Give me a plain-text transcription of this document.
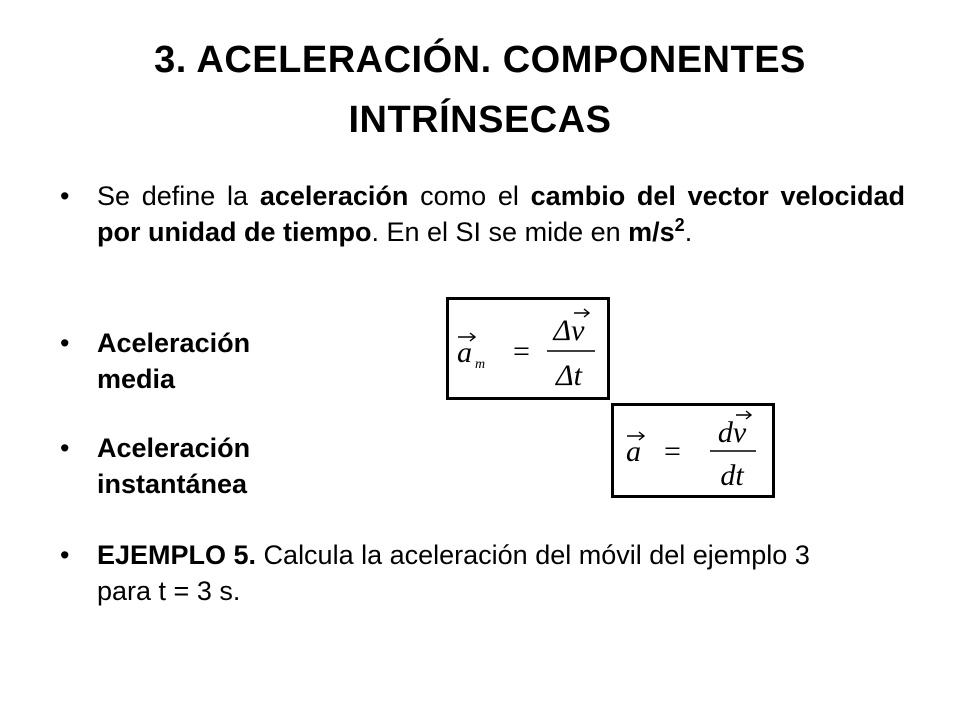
3. ACELERACIÓN. COMPONENTES
INTRÍNSECAS
•	Se define la aceleración como el cambio del vector velocidad por unidad de tiempo. En el SI se mide en $m/s^2$.
•	Aceleración media
•	Aceleración instantánea
•	EJEMPLO 5. Calcula la aceleración del móvil del ejemplo 3 para t = 3 s.
a m =
Δv
Δt
a =
dv
dt
